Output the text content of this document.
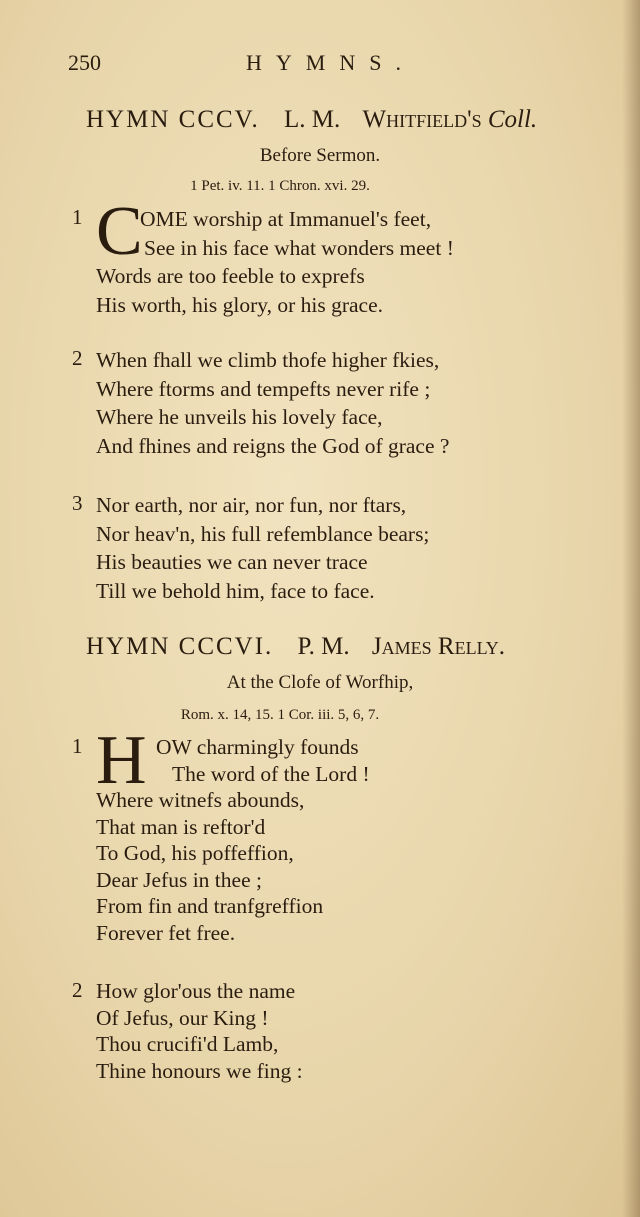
250	HYMNS.
HYMN CCCV. L. M. Whitfield's Coll.
Before Sermon.
1 Pet. iv. 11. 1 Chron. xvi. 29.
1 C
OME worship at Immanuel's feet,
See in his face what wonders meet !
Words are too feeble to exprefs
His worth, his glory, or his grace.
2 When fhall we climb thofe higher fkies,
Where ftorms and tempefts never rife ;
Where he unveils his lovely face,
And fhines and reigns the God of grace ?
3 Nor earth, nor air, nor fun, nor ftars,
Nor heav'n, his full refemblance bears;
His beauties we can never trace
Till we behold him, face to face.
HYMN CCCVI. P. M. James Relly.
At the Clofe of Worfhip,
Rom. x. 14, 15. 1 Cor. iii. 5, 6, 7.
1 H OW charmingly founds
The word of the Lord !
Where witnefs abounds,
That man is reftor'd
To God, his poffeffion,
Dear Jefus in thee ;
From fin and tranfgreffion
Forever fet free.
2 How glor'ous the name
Of Jefus, our King !
Thou crucifi'd Lamb,
Thine honours we fing :
